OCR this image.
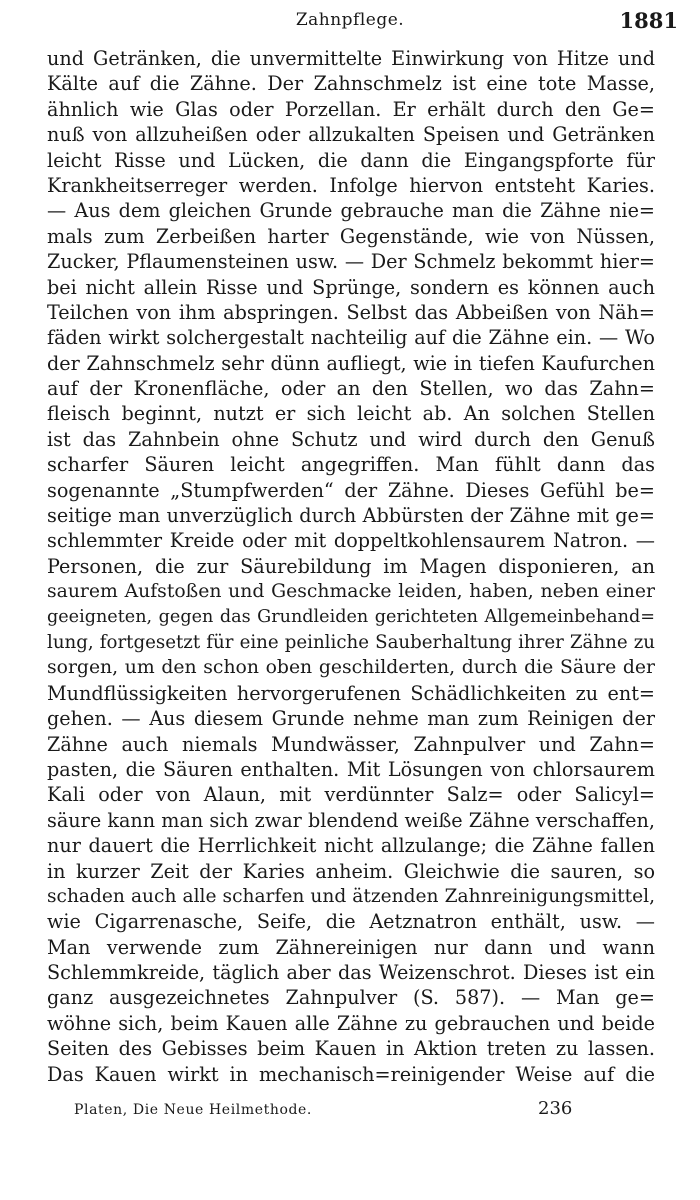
Zahnpflege.	1881
und Getränken, die unvermittelte Einwirkung von Hitze und
Kälte auf die Zähne. Der Zahnschmelz ist eine tote Masse,
ähnlich wie Glas oder Porzellan. Er erhält durch den Ge=
nuß von allzuheißen oder allzukalten Speisen und Getränken
leicht Risse und Lücken, die dann die Eingangspforte für
Krankheitserreger werden. Infolge hiervon entsteht Karies.
— Aus dem gleichen Grunde gebrauche man die Zähne nie=
mals zum Zerbeißen harter Gegenstände, wie von Nüssen,
Zucker, Pflaumensteinen usw. — Der Schmelz bekommt hier=
bei nicht allein Risse und Sprünge, sondern es können auch
Teilchen von ihm abspringen. Selbst das Abbeißen von Näh=
fäden wirkt solchergestalt nachteilig auf die Zähne ein. — Wo
der Zahnschmelz sehr dünn aufliegt, wie in tiefen Kaufurchen
auf der Kronenfläche, oder an den Stellen, wo das Zahn=
fleisch beginnt, nutzt er sich leicht ab. An solchen Stellen
ist das Zahnbein ohne Schutz und wird durch den Genuß
scharfer Säuren leicht angegriffen. Man fühlt dann das
sogenannte „Stumpfwerden“ der Zähne. Dieses Gefühl be=
seitige man unverzüglich durch Abbürsten der Zähne mit ge=
schlemmter Kreide oder mit doppeltkohlensaurem Natron. —
Personen, die zur Säurebildung im Magen disponieren, an
saurem Aufstoßen und Geschmacke leiden, haben, neben einer
geeigneten, gegen das Grundleiden gerichteten Allgemeinbehand=
lung, fortgesetzt für eine peinliche Sauberhaltung ihrer Zähne zu
sorgen, um den schon oben geschilderten, durch die Säure der
Mundflüssigkeiten hervorgerufenen Schädlichkeiten zu ent=
gehen. — Aus diesem Grunde nehme man zum Reinigen der
Zähne auch niemals Mundwässer, Zahnpulver und Zahn=
pasten, die Säuren enthalten. Mit Lösungen von chlorsaurem
Kali oder von Alaun, mit verdünnter Salz= oder Salicyl=
säure kann man sich zwar blendend weiße Zähne verschaffen,
nur dauert die Herrlichkeit nicht allzulange; die Zähne fallen
in kurzer Zeit der Karies anheim. Gleichwie die sauren, so
schaden auch alle scharfen und ätzenden Zahnreinigungsmittel,
wie Cigarrenasche, Seife, die Aetznatron enthält, usw. —
Man verwende zum Zähnereinigen nur dann und wann
Schlemmkreide, täglich aber das Weizenschrot. Dieses ist ein
ganz ausgezeichnetes Zahnpulver (S. 587). — Man ge=
wöhne sich, beim Kauen alle Zähne zu gebrauchen und beide
Seiten des Gebisses beim Kauen in Aktion treten zu lassen.
Das Kauen wirkt in mechanisch=reinigender Weise auf die
Platen, Die Neue Heilmethode.	236
